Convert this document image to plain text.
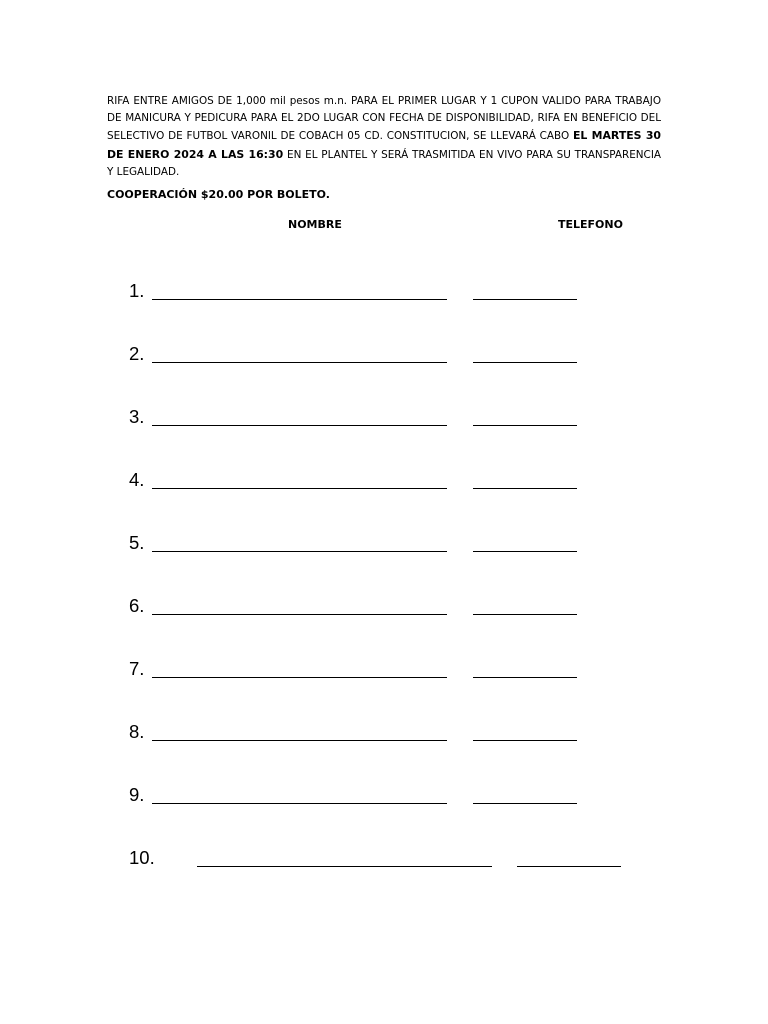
RIFA ENTRE AMIGOS DE 1,000 mil pesos m.n. PARA EL PRIMER LUGAR Y 1 CUPON VALIDO PARA TRABAJO DE MANICURA Y PEDICURA PARA EL 2DO LUGAR CON FECHA DE DISPONIBILIDAD, RIFA EN BENEFICIO DEL SELECTIVO DE FUTBOL VARONIL DE COBACH 05 CD. CONSTITUCION, SE LLEVARÁ CABO EL MARTES 30 DE ENERO 2024 A LAS 16:30 EN EL PLANTEL Y SERÁ TRASMITIDA EN VIVO PARA SU TRANSPARENCIA Y LEGALIDAD.

COOPERACIÓN $20.00 POR BOLETO.

NOMBRE	TELEFONO
1.
2.
3.
4.
5.
6.
7.
8.
9.
10.
